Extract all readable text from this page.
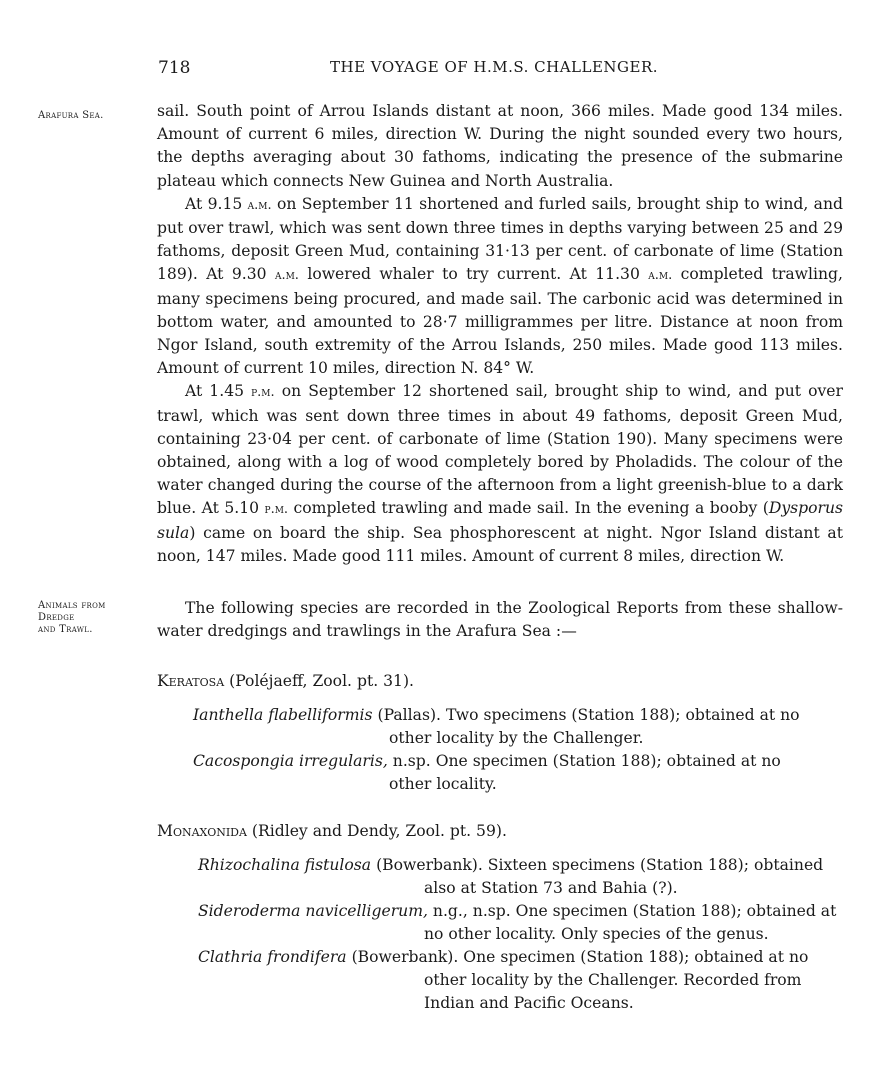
718	THE VOYAGE OF H.M.S. CHALLENGER.
Arafura Sea.	sail. South point of Arrou Islands distant at noon, 366 miles. Made good 134 miles. Amount of current 6 miles, direction W. During the night sounded every two hours, the depths averaging about 30 fathoms, indicating the presence of the submarine plateau which connects New Guinea and North Australia.

At 9.15 a.m. on September 11 shortened and furled sails, brought ship to wind, and put over trawl, which was sent down three times in depths varying between 25 and 29 fathoms, deposit Green Mud, containing 31·13 per cent. of carbonate of lime (Station 189). At 9.30 a.m. lowered whaler to try current. At 11.30 a.m. completed trawling, many specimens being procured, and made sail. The carbonic acid was determined in bottom water, and amounted to 28·7 milligrammes per litre. Distance at noon from Ngor Island, south extremity of the Arrou Islands, 250 miles. Made good 113 miles. Amount of current 10 miles, direction N. 84° W.

At 1.45 p.m. on September 12 shortened sail, brought ship to wind, and put over trawl, which was sent down three times in about 49 fathoms, deposit Green Mud, containing 23·04 per cent. of carbonate of lime (Station 190). Many specimens were obtained, along with a log of wood completely bored by Pholadids. The colour of the water changed during the course of the afternoon from a light greenish-blue to a dark blue. At 5.10 p.m. completed trawling and made sail. In the evening a booby (Dysporus sula) came on board the ship. Sea phosphorescent at night. Ngor Island distant at noon, 147 miles. Made good 111 miles. Amount of current 8 miles, direction W.

Animals from
Dredge
and Trawl.

The following species are recorded in the Zoological Reports from these shallow-water dredgings and trawlings in the Arafura Sea :—

Keratosa (Poléjaeff, Zool. pt. 31).

Ianthella flabelliformis (Pallas). Two specimens (Station 188); obtained at no

other locality by the Challenger.

Cacospongia irregularis, n.sp. One specimen (Station 188); obtained at no

other locality.

Monaxonida (Ridley and Dendy, Zool. pt. 59).

Rhizochalina fistulosa (Bowerbank). Sixteen specimens (Station 188); obtained

also at Station 73 and Bahia (?).

Sideroderma navicelligerum, n.g., n.sp. One specimen (Station 188); obtained at

no other locality. Only species of the genus.

Clathria frondifera (Bowerbank). One specimen (Station 188); obtained at no

other locality by the Challenger. Recorded from

Indian and Pacific Oceans.
